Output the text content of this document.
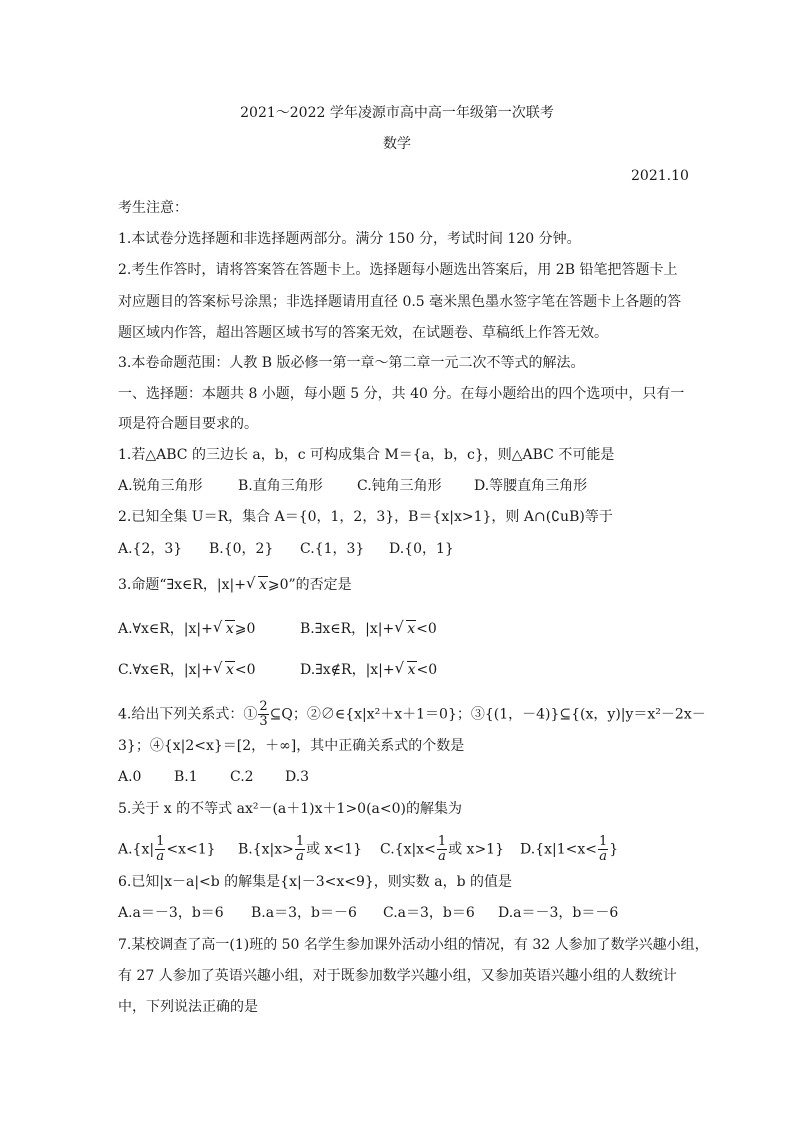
2021～2022 学年凌源市高中高一年级第一次联考
数学
2021.10
考生注意：
1.本试卷分选择题和非选择题两部分。满分 150 分，考试时间 120 分钟。
2.考生作答时，请将答案答在答题卡上。选择题每小题选出答案后，用 2B 铅笔把答题卡上
对应题目的答案标号涂黑；非选择题请用直径 0.5 毫米黑色墨水签字笔在答题卡上各题的答
题区域内作答，超出答题区域书写的答案无效，在试题卷、草稿纸上作答无效。
3.本卷命题范围：人教 B 版必修一第一章～第二章一元二次不等式的解法。
一、选择题：本题共 8 小题，每小题 5 分，共 40 分。在每小题给出的四个选项中，只有一
项是符合题目要求的。
1.若△ABC 的三边长 a，b，c 可构成集合 M＝{a，b，c}，则△ABC 不可能是
A.锐角三角形	B.直角三角形 C.钝角三角形 D.等腰直角三角形
2.已知全集 U＝R，集合 A＝{0，1，2，3}，B＝{x|x>1}，则 A∩(∁uB)等于
A.{2，3} B.{0，2} C.{1，3} D.{0，1}
3.命题“∃x∈R，|x|+ √ x⩾0”的否定是
A.∀x∈R，|x|+ √ x⩾0	B.∃x∈R，|x|+ √ x<0
C.∀x∈R，|x|+ √ x<0	D.∃x∉R，|x|+ √ x<0
4.给出下列关系式：① $\frac{2}{3}$ ⊆Q；②∅∈{x|x²＋x＋1＝0}；③{(1，－4)}⊆{(x，y)|y＝x²－2x－
3}；④{x|2<x}＝[2，＋∞]，其中正确关系式的个数是
A.0 B.1 C.2 D.3
5.关于 x 的不等式 ax²－(a＋1)x＋1>0(a<0)的解集为
$A.\{x| \frac{1}{a} <x<1\}$ $B.\{x|x> \frac{1}{a}$ 或 x<1} $C.\{x|x< \frac{1}{a}$ 或 x>1} $D.\{x|1<x< \frac{1}{a}$ }
6.已知|x－a|<b 的解集是{x|－3<x<9}，则实数 a，b 的值是
A.a＝－3，b＝6 B.a＝3，b＝－6 C.a＝3，b＝6 D.a＝－3，b＝－6
7.某校调查了高一(1)班的 50 名学生参加课外活动小组的情况，有 32 人参加了数学兴趣小组，
有 27 人参加了英语兴趣小组，对于既参加数学兴趣小组，又参加英语兴趣小组的人数统计
中，下列说法正确的是
